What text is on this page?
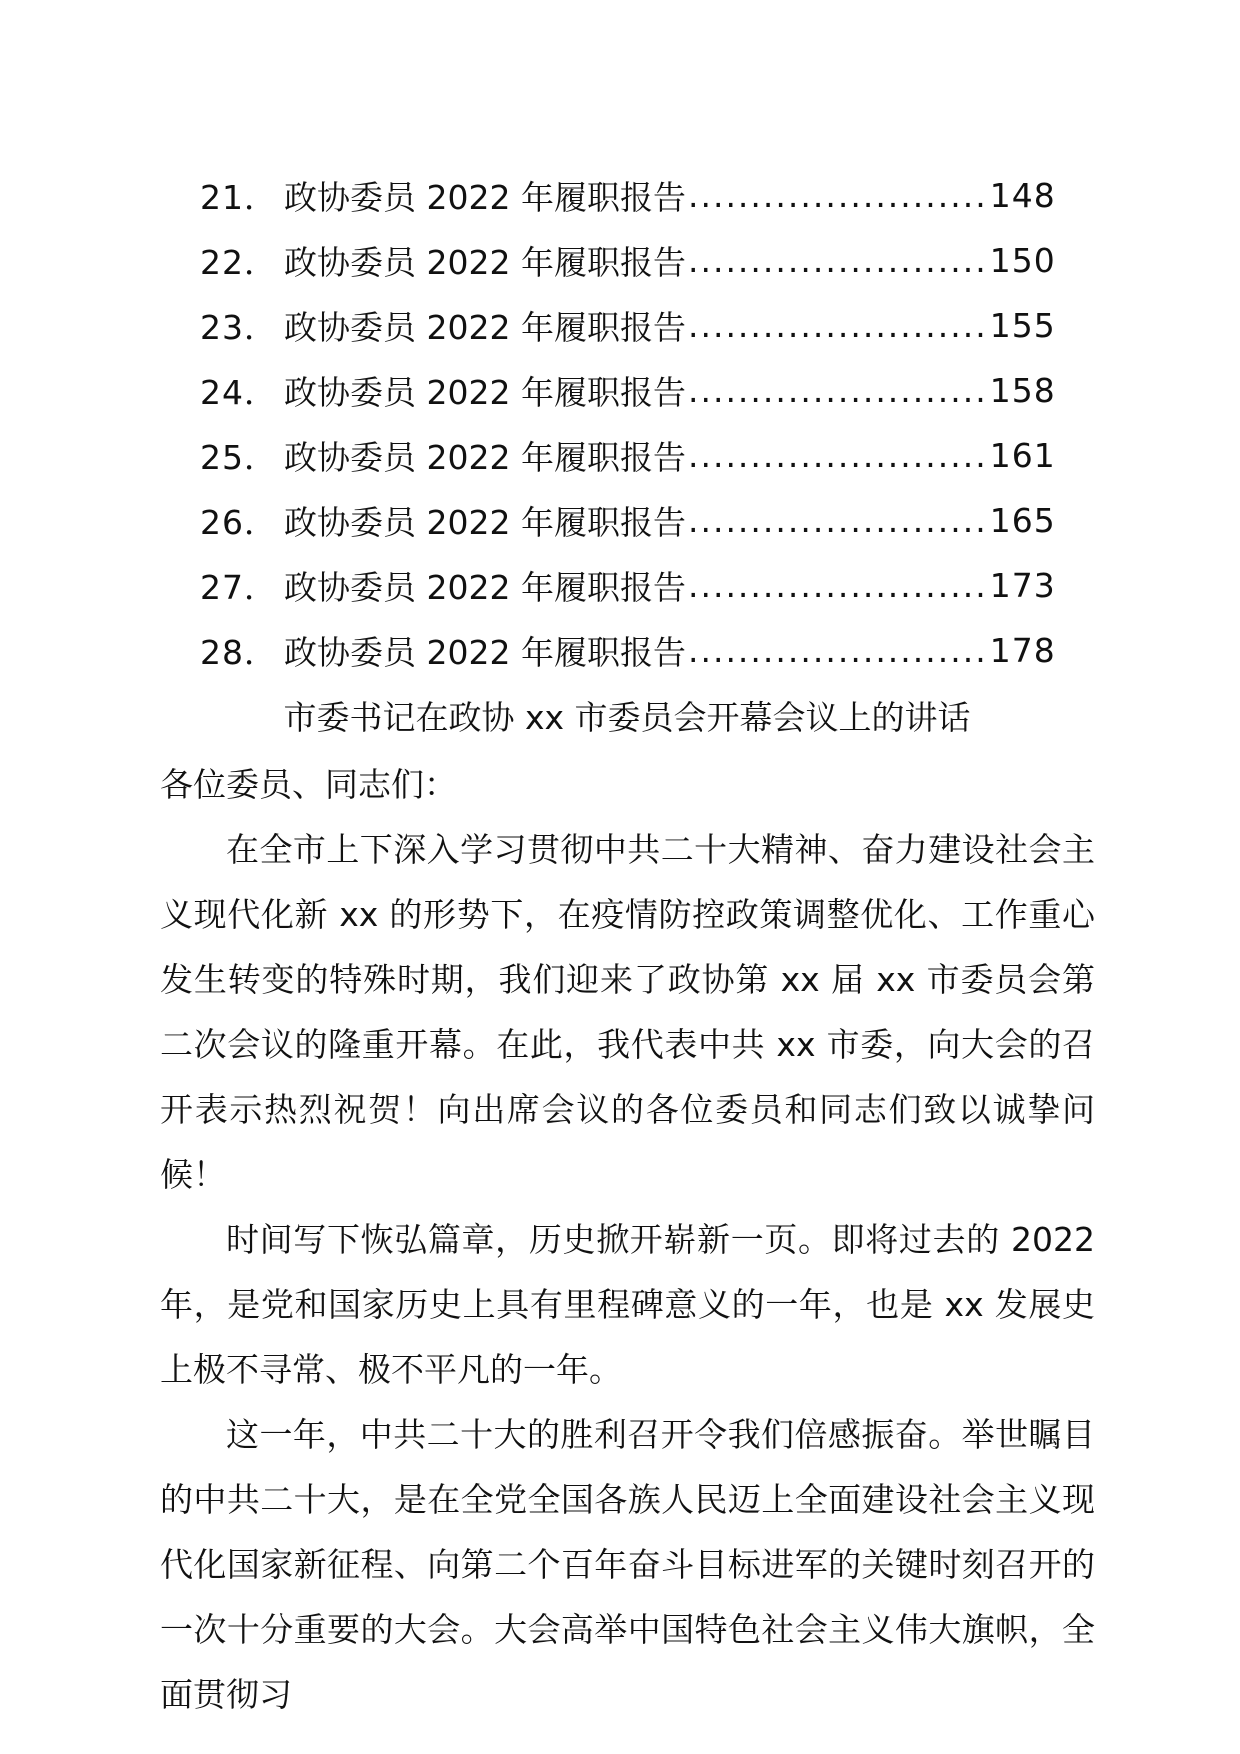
21． 政协委员 2022 年履职报告 ........................ 148
22． 政协委员 2022 年履职报告 ........................ 150
23． 政协委员 2022 年履职报告 ........................ 155
24． 政协委员 2022 年履职报告 ........................ 158
25． 政协委员 2022 年履职报告 ........................ 161
26． 政协委员 2022 年履职报告 ........................ 165
27． 政协委员 2022 年履职报告 ........................ 173
28． 政协委员 2022 年履职报告 ........................ 178
市委书记在政协 xx 市委员会开幕会议上的讲话

各位委员、同志们：

在全市上下深入学习贯彻中共二十大精神、奋力建设社会主义现代化新 xx 的形势下，在疫情防控政策调整优化、工作重心发生转变的特殊时期，我们迎来了政协第 xx 届 xx 市委员会第二次会议的隆重开幕。在此，我代表中共 xx 市委，向大会的召开表示热烈祝贺！向出席会议的各位委员和同志们致以诚挚问候！

时间写下恢弘篇章，历史掀开崭新一页。即将过去的 2022 年，是党和国家历史上具有里程碑意义的一年，也是 xx 发展史上极不寻常、极不平凡的一年。

这一年，中共二十大的胜利召开令我们倍感振奋。举世瞩目的中共二十大，是在全党全国各族人民迈上全面建设社会主义现代化国家新征程、向第二个百年奋斗目标进军的关键时刻召开的一次十分重要的大会。大会高举中国特色社会主义伟大旗帜，全面贯彻习
